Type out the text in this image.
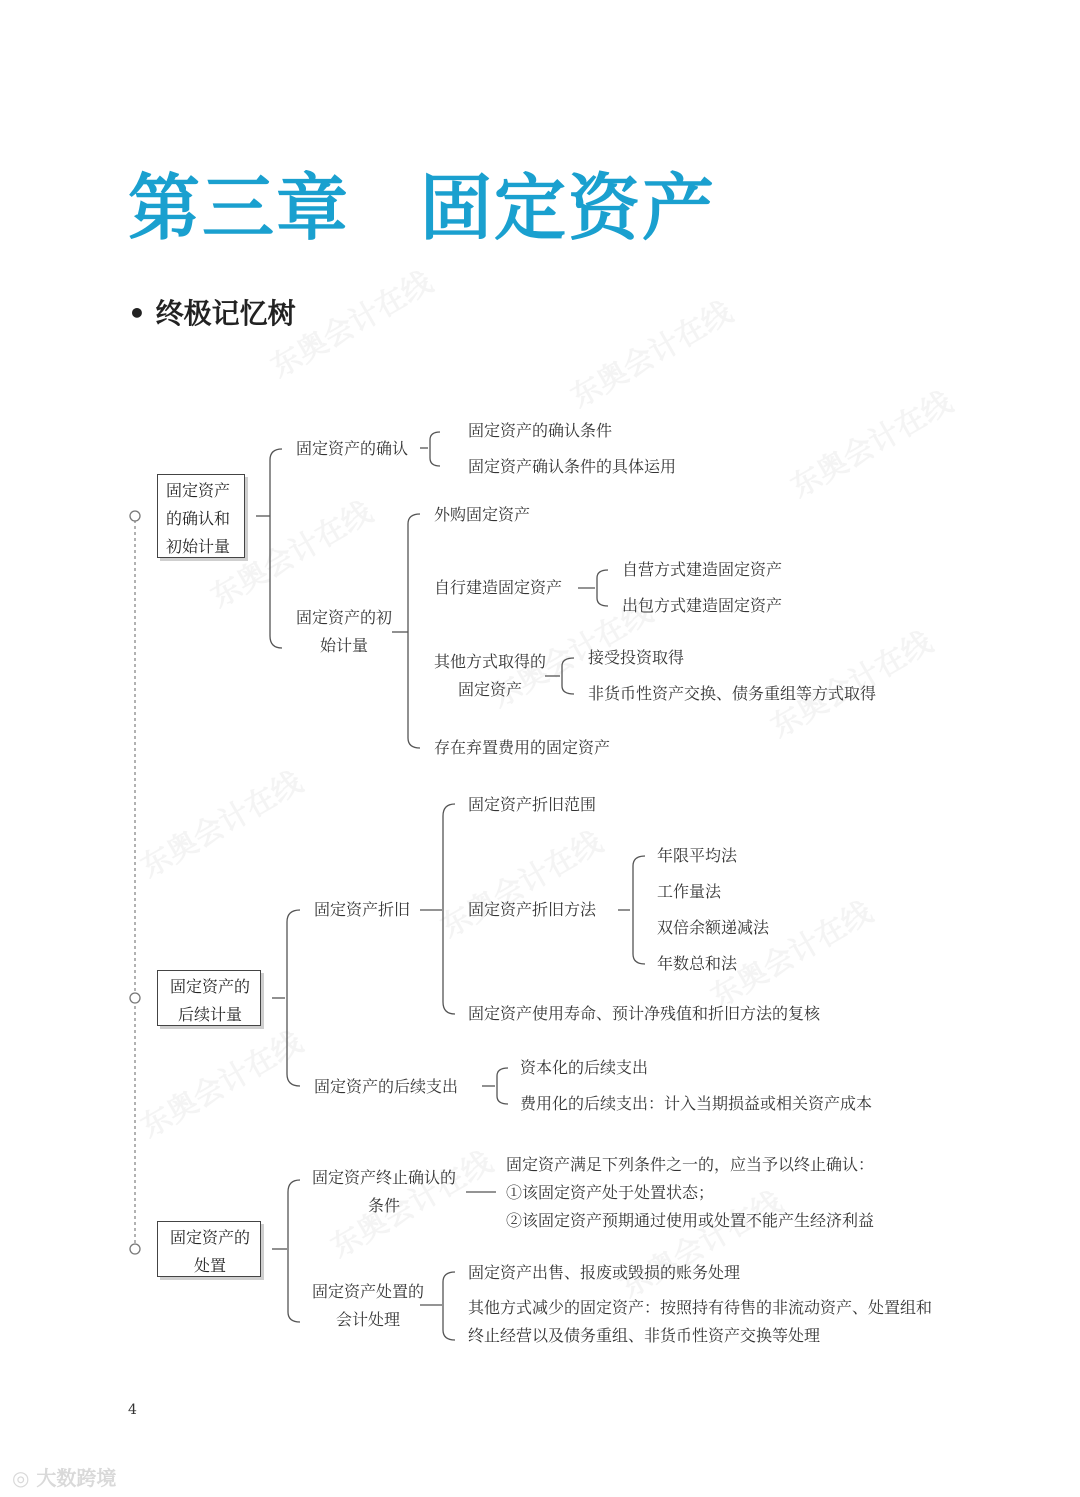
第三章 固定资产
• 终极记忆树
固定资产的确认和初始计量
固定资产的确认
固定资产的确认条件
固定资产确认条件的具体运用
固定资产的初始计量
外购固定资产
自行建造固定资产
自营方式建造固定资产
出包方式建造固定资产
其他方式取得的固定资产
接受投资取得
非货币性资产交换、债务重组等方式取得
存在弃置费用的固定资产
固定资产的后续计量
固定资产折旧
固定资产折旧范围
固定资产折旧方法
年限平均法
工作量法
双倍余额递减法
年数总和法
固定资产使用寿命、预计净残值和折旧方法的复核
固定资产的后续支出
资本化的后续支出
费用化的后续支出：计入当期损益或相关资产成本
固定资产的处置
固定资产终止确认的条件
固定资产满足下列条件之一的，应当予以终止确认：
①该固定资产处于处置状态；
②该固定资产预期通过使用或处置不能产生经济利益
固定资产处置的会计处理
固定资产出售、报废或毁损的账务处理
其他方式减少的固定资产：按照持有待售的非流动资产、处置组和终止经营以及债务重组、非货币性资产交换等处理
4
◎ 大数跨境
